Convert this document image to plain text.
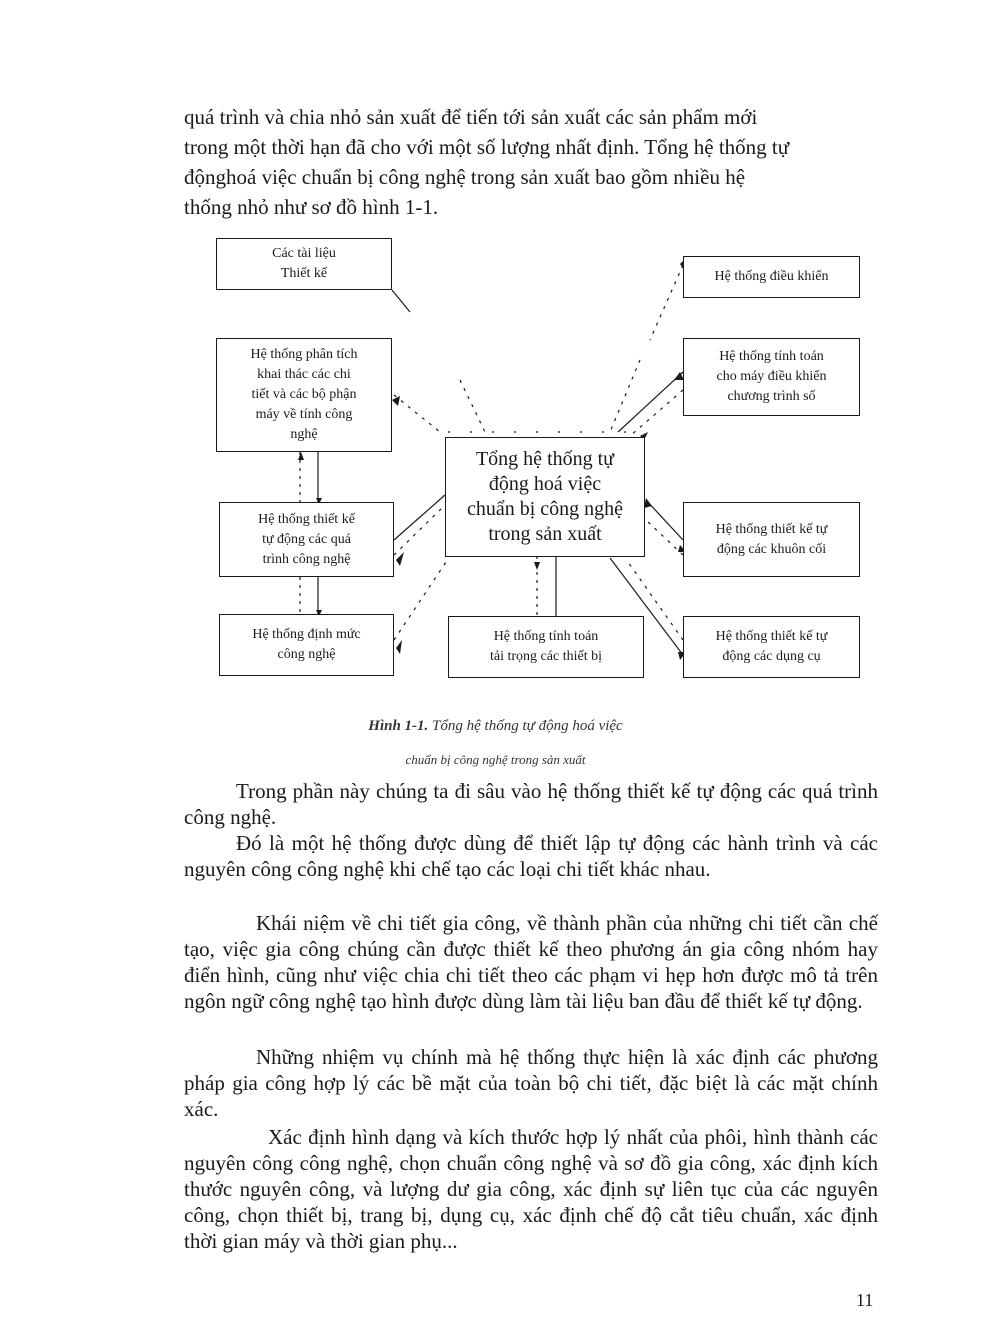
quá trình và chia nhỏ sản xuất để tiến tới sản xuất các sản phẩm mới
trong một thời hạn đã cho với một số lượng nhất định. Tổng hệ thống tự
độnghoá việc chuẩn bị công nghệ trong sản xuất bao gồm nhiều hệ
thống nhỏ như sơ đồ hình 1-1.

Các tài liệu
Thiết kế
Hệ thống phân tích
khai thác các chi
tiết và các bộ phận
máy về tính công
nghệ
Hệ thống thiết kế
tự động các quá
trình công nghệ
Hệ thống định mức
công nghệ
Tổng hệ thống tự
động hoá việc
chuẩn bị công nghệ
trong sản xuất
Hệ thống tính toán
tải trọng các thiết bị
Hệ thống điều khiển
Hệ thống tính toán
cho máy điều khiển
chương trình số
Hệ thống thiết kế tự
động các khuôn cối
Hệ thống thiết kế tự
động các dụng cụ
Hình 1-1. Tổng hệ thống tự động hoá việc
chuẩn bị công nghệ trong sản xuất

Trong phần này chúng ta đi sâu vào hệ thống thiết kế tự động các quá trình công nghệ.

Đó là một hệ thống được dùng để thiết lập tự động các hành trình và các nguyên công công nghệ khi chế tạo các loại chi tiết khác nhau.

Khái niệm về chi tiết gia công, về thành phần của những chi tiết cần chế tạo, việc gia công chúng cần được thiết kế theo phương án gia công nhóm hay điển hình, cũng như việc chia chi tiết theo các phạm vi hẹp hơn được mô tả trên ngôn ngữ công nghệ tạo hình được dùng làm tài liệu ban đầu để thiết kế tự động.

Những nhiệm vụ chính mà hệ thống thực hiện là xác định các phương pháp gia công hợp lý các bề mặt của toàn bộ chi tiết, đặc biệt là các mặt chính xác.

Xác định hình dạng và kích thước hợp lý nhất của phôi, hình thành các nguyên công công nghệ, chọn chuẩn công nghệ và sơ đồ gia công, xác định kích thước nguyên công, và lượng dư gia công, xác định sự liên tục của các nguyên công, chọn thiết bị, trang bị, dụng cụ, xác định chế độ cắt tiêu chuẩn, xác định thời gian máy và thời gian phụ...

11
